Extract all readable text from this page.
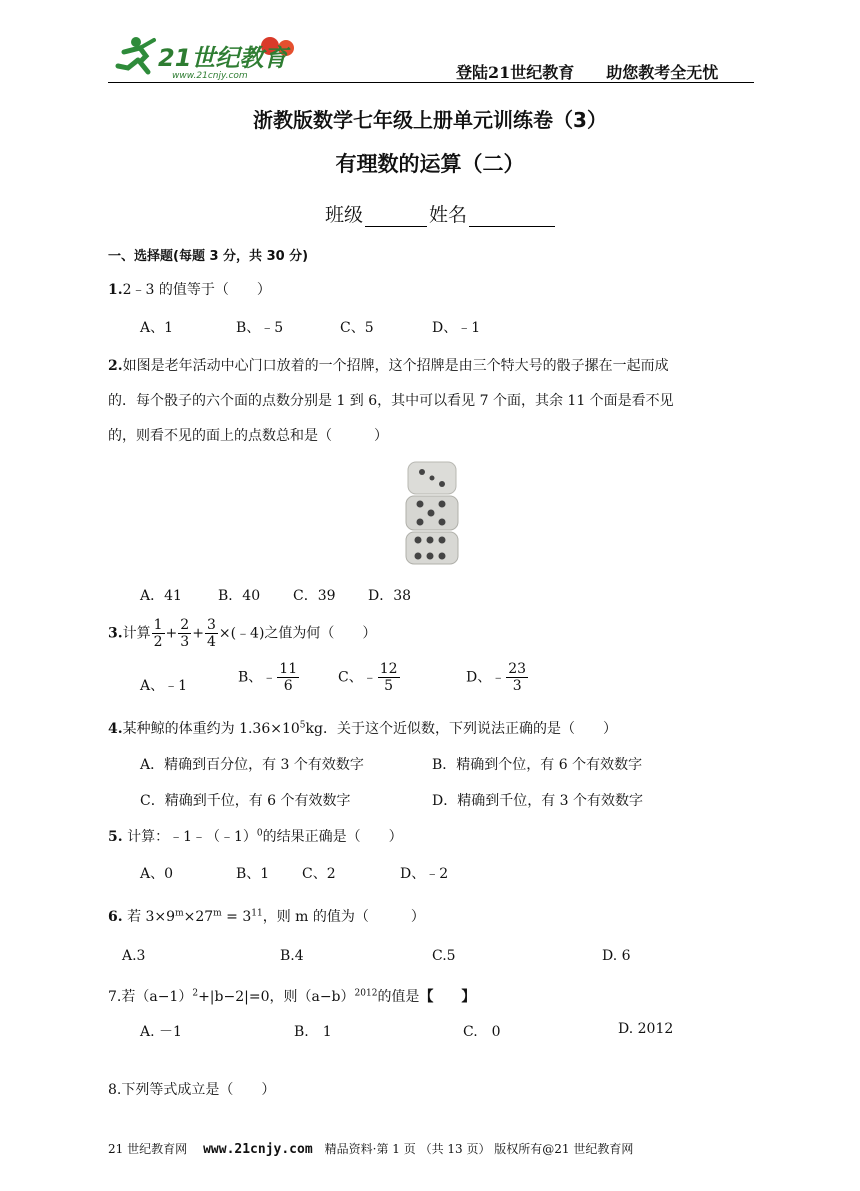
21世纪教育
www.21cnjy.com	登陆21世纪教育 助您教考全无忧
浙教版数学七年级上册单元训练卷（3）
有理数的运算（二）
班级	姓名
一、选择题(每题 3 分，共 30 分)
1.2﹣3 的值等于（　　）
A、1	B、﹣5	C、5	D、﹣1
2.如图是老年活动中心门口放着的一个招牌，这个招牌是由三个特大号的骰子摞在一起而成
的．每个骰子的六个面的点数分别是 1 到 6，其中可以看见 7 个面，其余 11 个面是看不见
的，则看不见的面上的点数总和是（　　　）
A．41	B．40 C．39 D．38
3.计算 $\frac{1}{2} + \frac{2}{3} + \frac{3}{4}$ ×(﹣4)之值为何（　　）
A、﹣1
B、﹣ $\frac{11}{6}$	C、﹣ $\frac{12}{5}$	D、﹣ $\frac{23}{3}$
4.某种鲸的体重约为 $1.36\times 10^5kg$．关于这个近似数，下列说法正确的是（　　）
A．精确到百分位，有 3 个有效数字	B．精确到个位，有 6 个有效数字
C．精确到千位，有 6 个有效数字	D．精确到千位，有 3 个有效数字
5. 计算：﹣1﹣（﹣1）$^0$的结果正确是（　　）
A、0	B、1 C、2	D、﹣2
6. 若 $3\times 9^m\times 27^m = 3^{11}$，则 m 的值为（　　　）
A.3	B.4	C.5	D. 6
7.若$(a-1)^2+|b-2|=0$，则$(a-b)^{2012}$的值是【　　】
A. －1	B.　1	C.　0	D. 2012
8.下列等式成立是（　　）
21 世纪教育网 www.21cnjy.com 精品资料·第 1 页 （共 13 页） 版权所有@21 世纪教育网
